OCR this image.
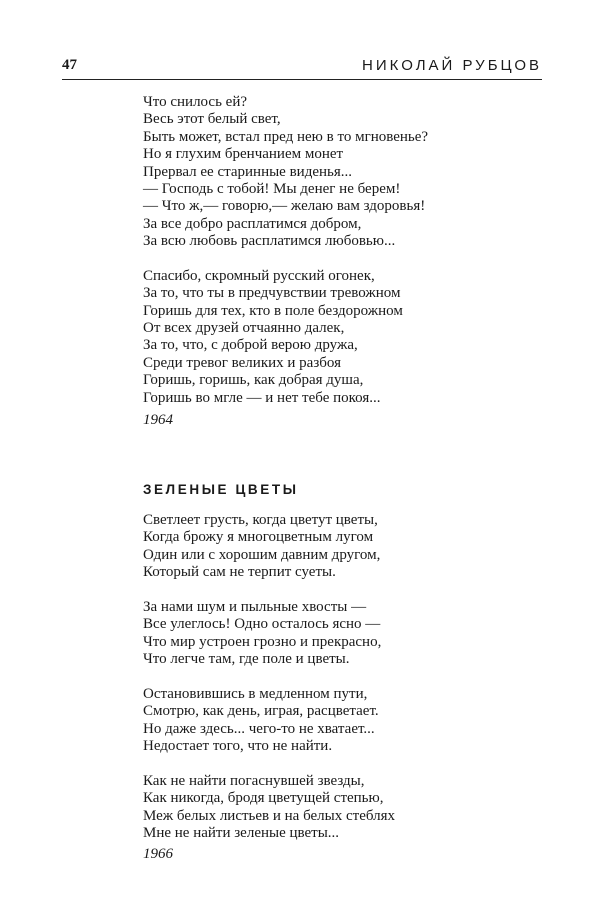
47	НИКОЛАЙ РУБЦОВ
Что снилось ей?
Весь этот белый свет,
Быть может, встал пред нею в то мгновенье?
Но я глухим бренчанием монет
Прервал ее старинные виденья...
— Господь с тобой! Мы денег не берем!
— Что ж,— говорю,— желаю вам здоровья!
За все добро расплатимся добром,
За всю любовь расплатимся любовью...
Спасибо, скромный русский огонек,
За то, что ты в предчувствии тревожном
Горишь для тех, кто в поле бездорожном
От всех друзей отчаянно далек,
За то, что, с доброй верою дружа,
Среди тревог великих и разбоя
Горишь, горишь, как добрая душа,
Горишь во мгле — и нет тебе покоя...
1964
ЗЕЛЕНЫЕ ЦВЕТЫ
Светлеет грусть, когда цветут цветы,
Когда брожу я многоцветным лугом
Один или с хорошим давним другом,
Который сам не терпит суеты.
За нами шум и пыльные хвосты —
Все улеглось! Одно осталось ясно —
Что мир устроен грозно и прекрасно,
Что легче там, где поле и цветы.
Остановившись в медленном пути,
Смотрю, как день, играя, расцветает.
Но даже здесь... чего-то не хватает...
Недостает того, что не найти.
Как не найти погаснувшей звезды,
Как никогда, бродя цветущей степью,
Меж белых листьев и на белых стеблях
Мне не найти зеленые цветы...
1966
